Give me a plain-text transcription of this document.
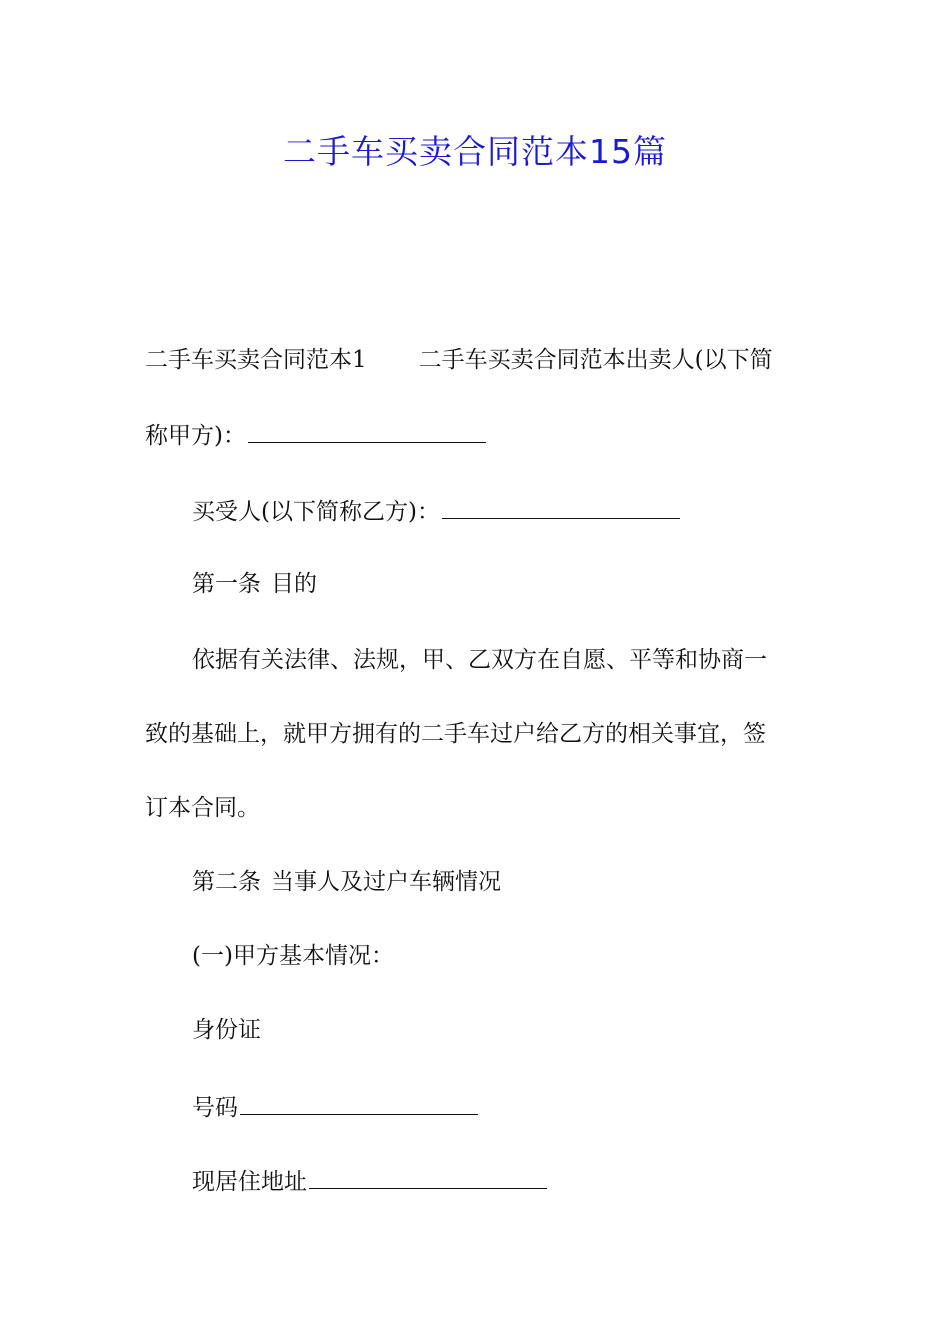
二手车买卖合同范本15篇
二手车买卖合同范本1 二手车买卖合同范本出卖人(以下简
称甲方)：
买受人(以下简称乙方)：
第一条 目的
依据有关法律、法规，甲、乙双方在自愿、平等和协商一
致的基础上，就甲方拥有的二手车过户给乙方的相关事宜，签
订本合同。
第二条 当事人及过户车辆情况
(一)甲方基本情况：
身份证
号码
现居住地址
